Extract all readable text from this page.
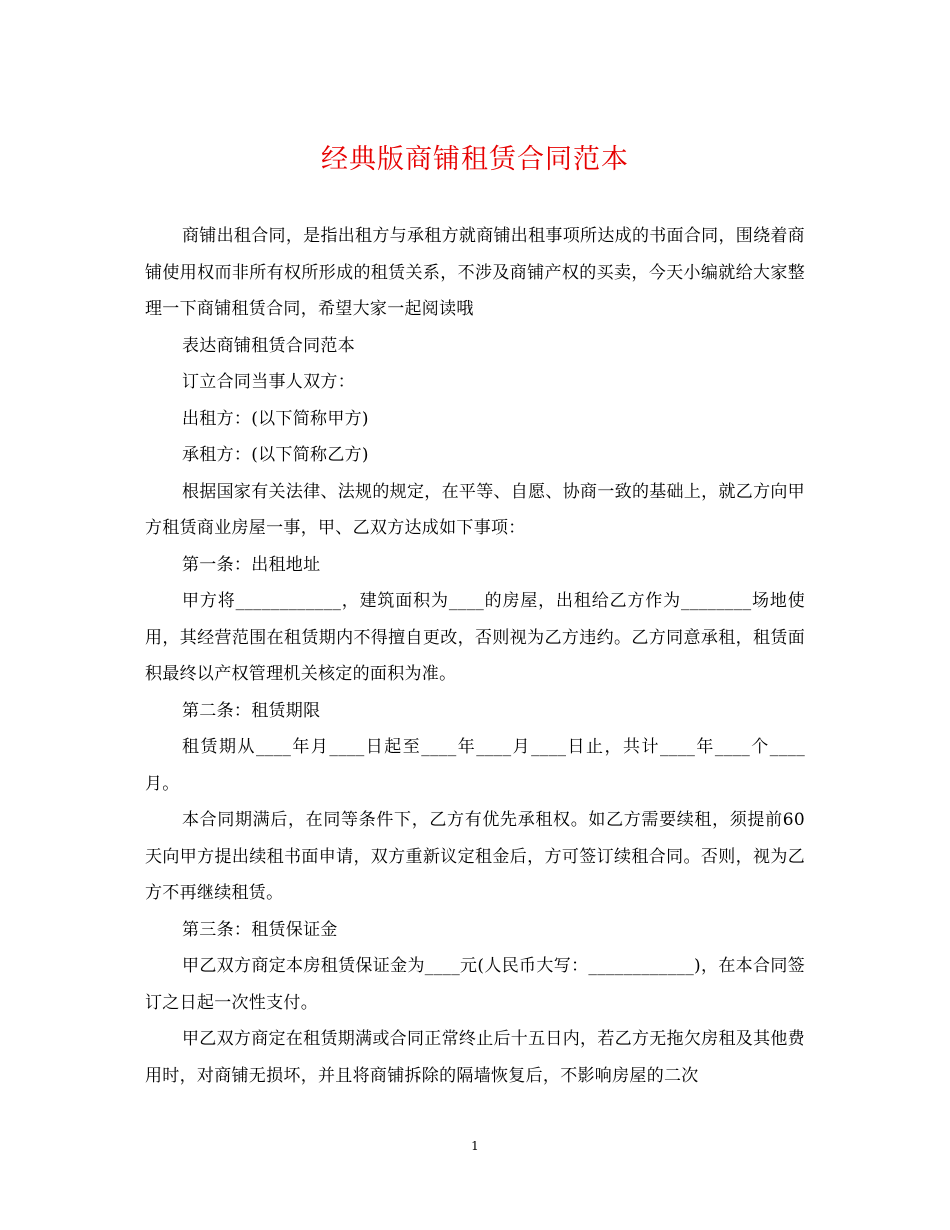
经典版商铺租赁合同范本

商铺出租合同，是指出租方与承租方就商铺出租事项所达成的书面合同，围绕着商铺使用权而非所有权所形成的租赁关系，不涉及商铺产权的买卖，今天小编就给大家整理一下商铺租赁合同，希望大家一起阅读哦

表达商铺租赁合同范本

订立合同当事人双方：

出租方：(以下简称甲方)

承租方：(以下简称乙方)

根据国家有关法律、法规的规定，在平等、自愿、协商一致的基础上，就乙方向甲方租赁商业房屋一事，甲、乙双方达成如下事项：

第一条：出租地址

甲方将____________，建筑面积为____的房屋，出租给乙方作为________场地使用，其经营范围在租赁期内不得擅自更改，否则视为乙方违约。乙方同意承租，租赁面积最终以产权管理机关核定的面积为准。

第二条：租赁期限

租赁期从____年月____日起至____年____月____日止，共计____年____个____月。

本合同期满后，在同等条件下，乙方有优先承租权。如乙方需要续租，须提前60天向甲方提出续租书面申请，双方重新议定租金后，方可签订续租合同。否则，视为乙方不再继续租赁。

第三条：租赁保证金

甲乙双方商定本房租赁保证金为____元(人民币大写：____________)，在本合同签订之日起一次性支付。

甲乙双方商定在租赁期满或合同正常终止后十五日内，若乙方无拖欠房租及其他费用时，对商铺无损坏，并且将商铺拆除的隔墙恢复后，不影响房屋的二次

1
